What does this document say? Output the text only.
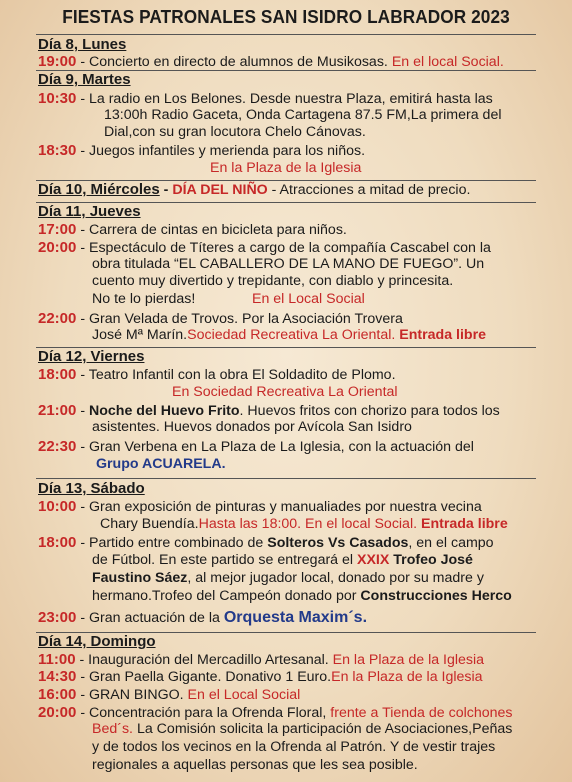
FIESTAS PATRONALES SAN ISIDRO LABRADOR 2023
Día 8, Lunes
19:00 - Concierto en directo de alumnos de Musikosas. En el local Social.
Día 9, Martes
10:30 - La radio en Los Belones. Desde nuestra Plaza, emitirá hasta las
13:00h Radio Gaceta, Onda Cartagena 87.5 FM,La primera del
Dial,con su gran locutora Chelo Cánovas.
18:30 - Juegos infantiles y merienda para los niños.
En la Plaza de la Iglesia
Día 10, Miércoles - DÍA DEL NIÑO - Atracciones a mitad de precio.
Día 11, Jueves
17:00 - Carrera de cintas en bicicleta para niños.
20:00 - Espectáculo de Títeres a cargo de la compañía Cascabel con la
obra titulada “EL CABALLERO DE LA MANO DE FUEGO”. Un
cuento muy divertido y trepidante, con diablo y princesita.
No te lo pierdas!	En el Local Social
22:00 - Gran Velada de Trovos. Por la Asociación Trovera
José Mª Marín.Sociedad Recreativa La Oriental. Entrada libre
Día 12, Viernes
18:00 - Teatro Infantil con la obra El Soldadito de Plomo.
En Sociedad Recreativa La Oriental
21:00 - Noche del Huevo Frito. Huevos fritos con chorizo para todos los
asistentes. Huevos donados por Avícola San Isidro
22:30 - Gran Verbena en La Plaza de La Iglesia, con la actuación del
Grupo ACUARELA.
Día 13, Sábado
10:00 - Gran exposición de pinturas y manualiades por nuestra vecina
Chary Buendía.Hasta las 18:00. En el local Social. Entrada libre
18:00 - Partido entre combinado de Solteros Vs Casados, en el campo
de Fútbol. En este partido se entregará el XXIX Trofeo José
Faustino Sáez, al mejor jugador local, donado por su madre y
hermano.Trofeo del Campeón donado por Construcciones Herco
23:00 - Gran actuación de la Orquesta Maxim´s.
Día 14, Domingo
11:00 - Inauguración del Mercadillo Artesanal. En la Plaza de la Iglesia
14:30 - Gran Paella Gigante. Donativo 1 Euro.En la Plaza de la Iglesia
16:00 - GRAN BINGO. En el Local Social
20:00 - Concentración para la Ofrenda Floral, frente a Tienda de colchones
Bed´s. La Comisión solicita la participación de Asociaciones,Peñas
y de todos los vecinos en la Ofrenda al Patrón. Y de vestir trajes
regionales a aquellas personas que les sea posible.
